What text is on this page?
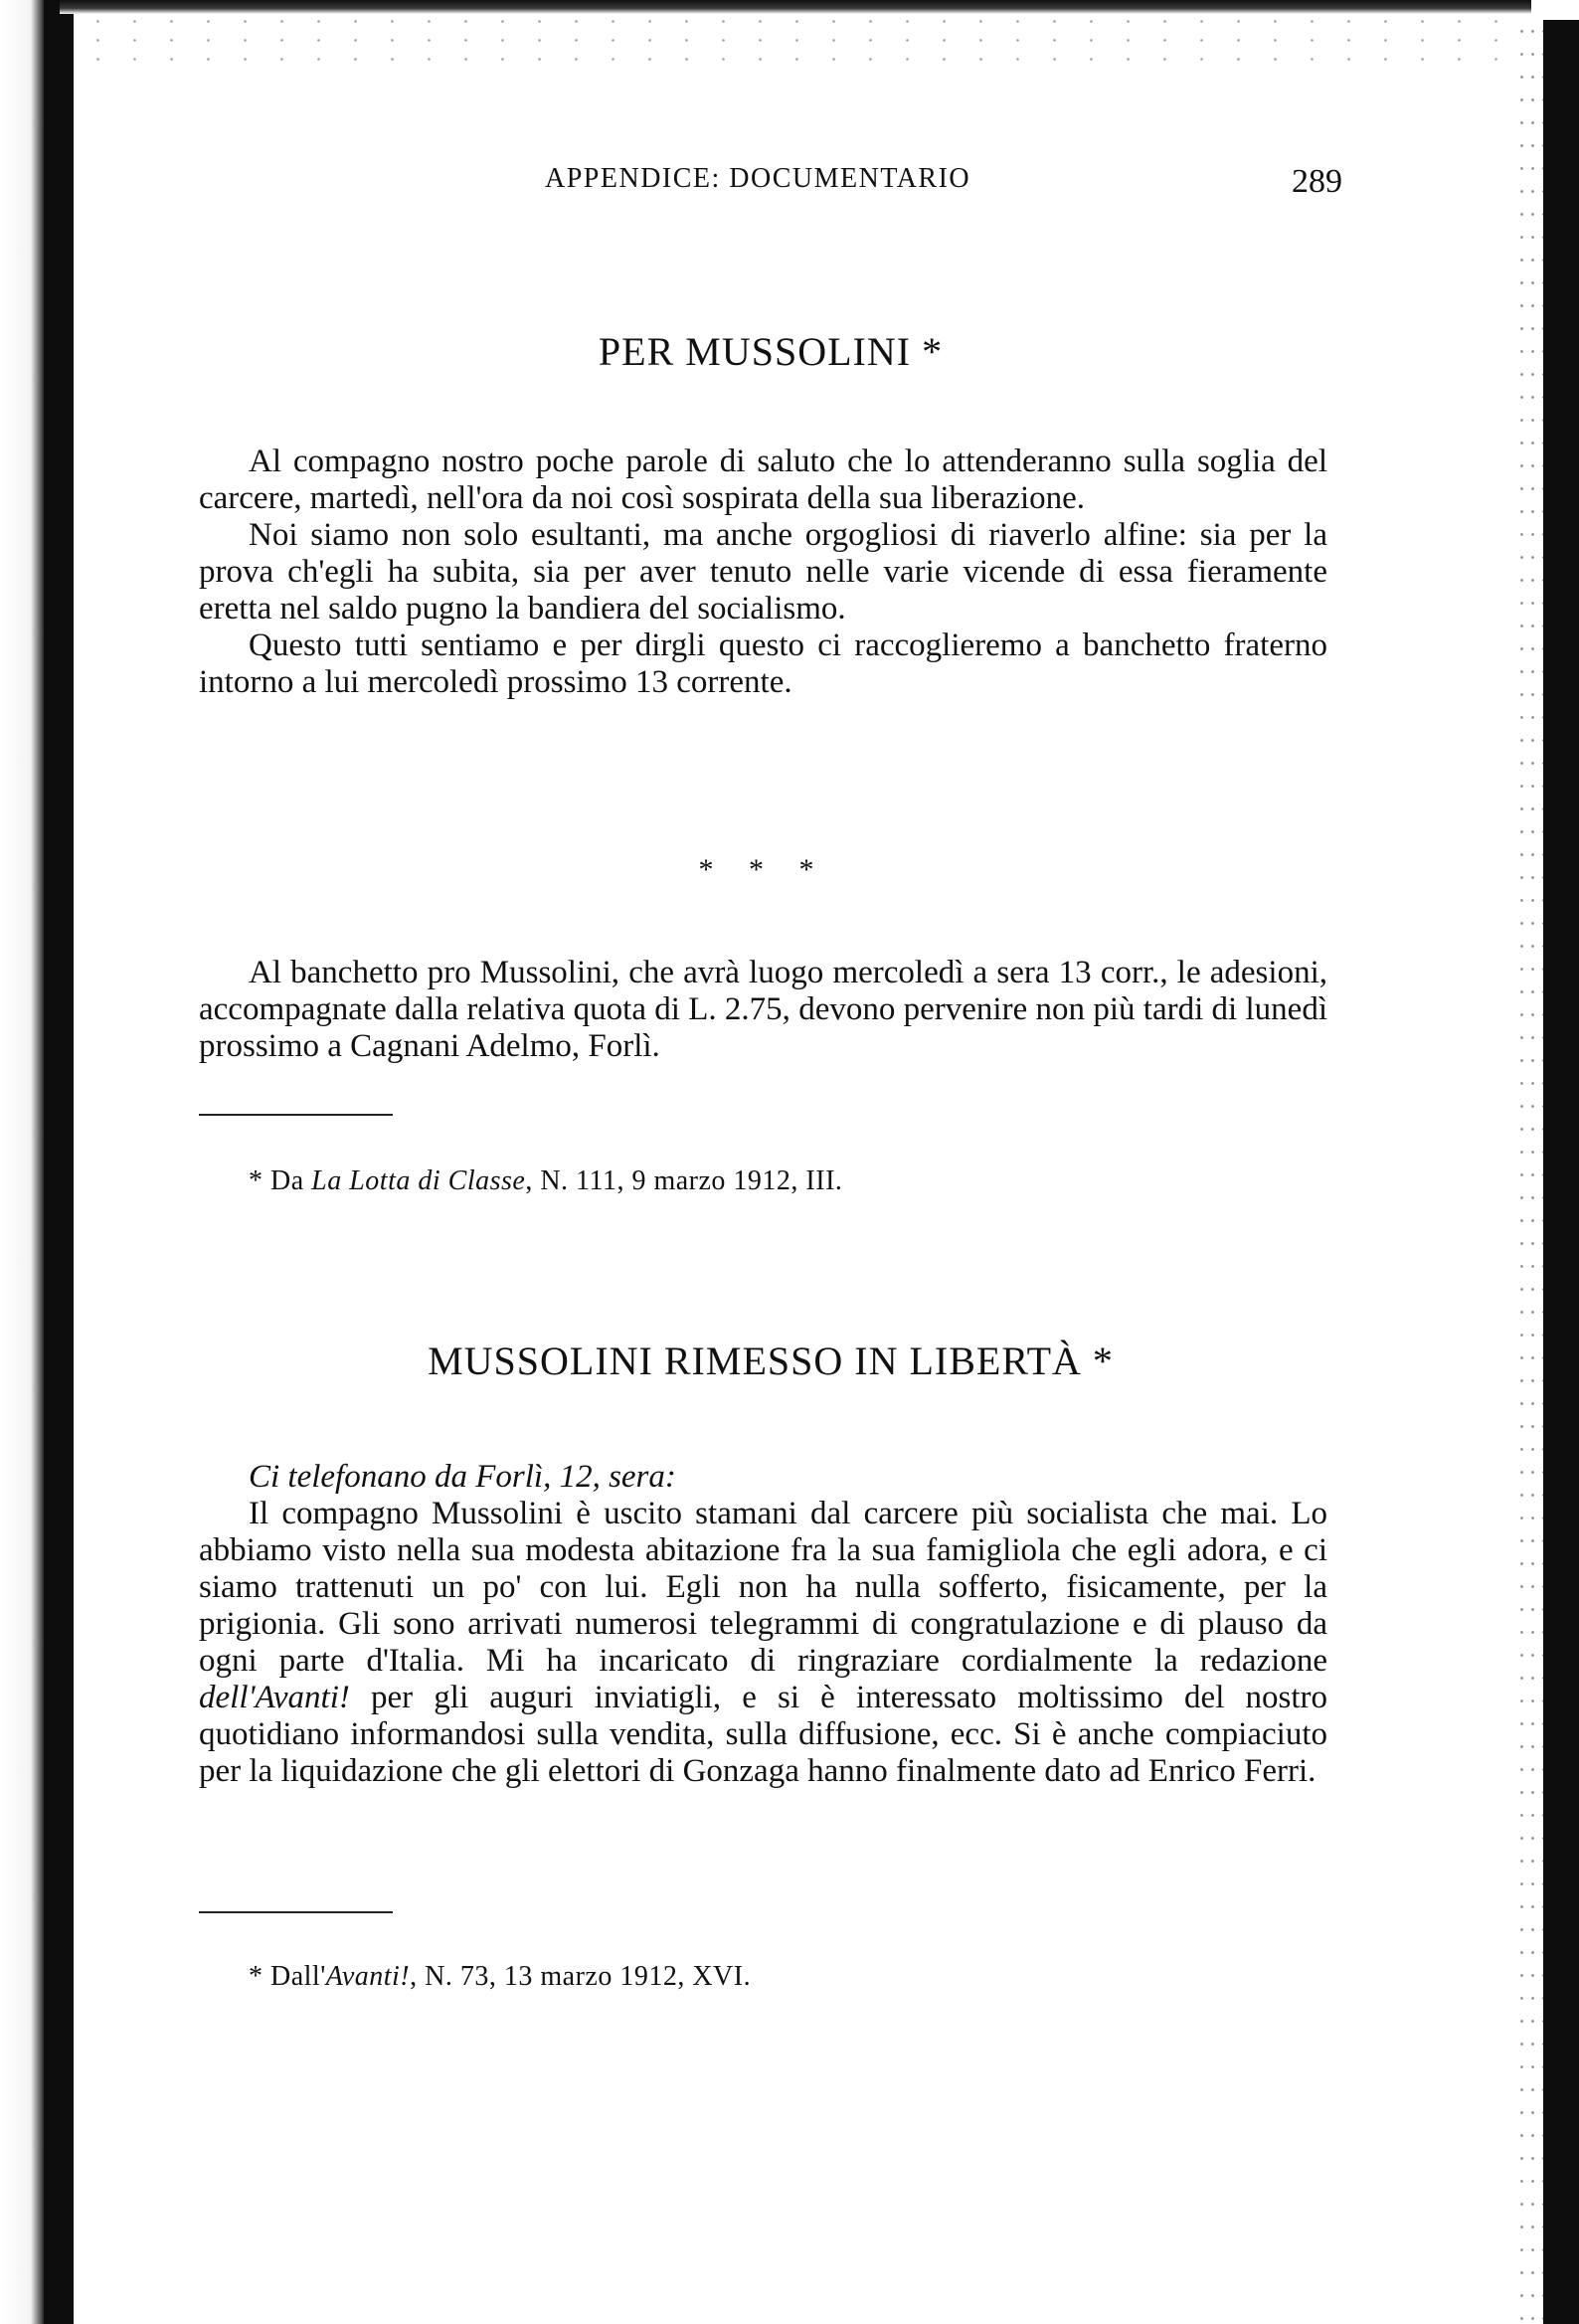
APPENDICE: DOCUMENTARIO	289
PER MUSSOLINI *

Al compagno nostro poche parole di saluto che lo attenderanno sulla soglia del carcere, martedì, nell'ora da noi così sospirata della sua liberazione.

Noi siamo non solo esultanti, ma anche orgogliosi di riaverlo alfine: sia per la prova ch'egli ha subita, sia per aver tenuto nelle varie vicende di essa fieramente eretta nel saldo pugno la bandiera del socialismo.

Questo tutti sentiamo e per dirgli questo ci raccoglieremo a banchetto fraterno intorno a lui mercoledì prossimo 13 corrente.

* * *

Al banchetto pro Mussolini, che avrà luogo mercoledì a sera 13 corr., le adesioni, accompagnate dalla relativa quota di L. 2.75, devono pervenire non più tardi di lunedì prossimo a Cagnani Adelmo, Forlì.

* Da La Lotta di Classe, N. 111, 9 marzo 1912, III.
MUSSOLINI RIMESSO IN LIBERTÀ *

Ci telefonano da Forlì, 12, sera:

Il compagno Mussolini è uscito stamani dal carcere più socialista che mai. Lo abbiamo visto nella sua modesta abitazione fra la sua famigliola che egli adora, e ci siamo trattenuti un po' con lui. Egli non ha nulla sofferto, fisicamente, per la prigionia. Gli sono arrivati numerosi telegrammi di congratulazione e di plauso da ogni parte d'Italia. Mi ha incaricato di ringraziare cordialmente la redazione dell'Avanti! per gli auguri inviatigli, e si è interessato moltissimo del nostro quotidiano informandosi sulla vendita, sulla diffusione, ecc. Si è anche compiaciuto per la liquidazione che gli elettori di Gonzaga hanno finalmente dato ad Enrico Ferri.

* Dall'Avanti!, N. 73, 13 marzo 1912, XVI.
